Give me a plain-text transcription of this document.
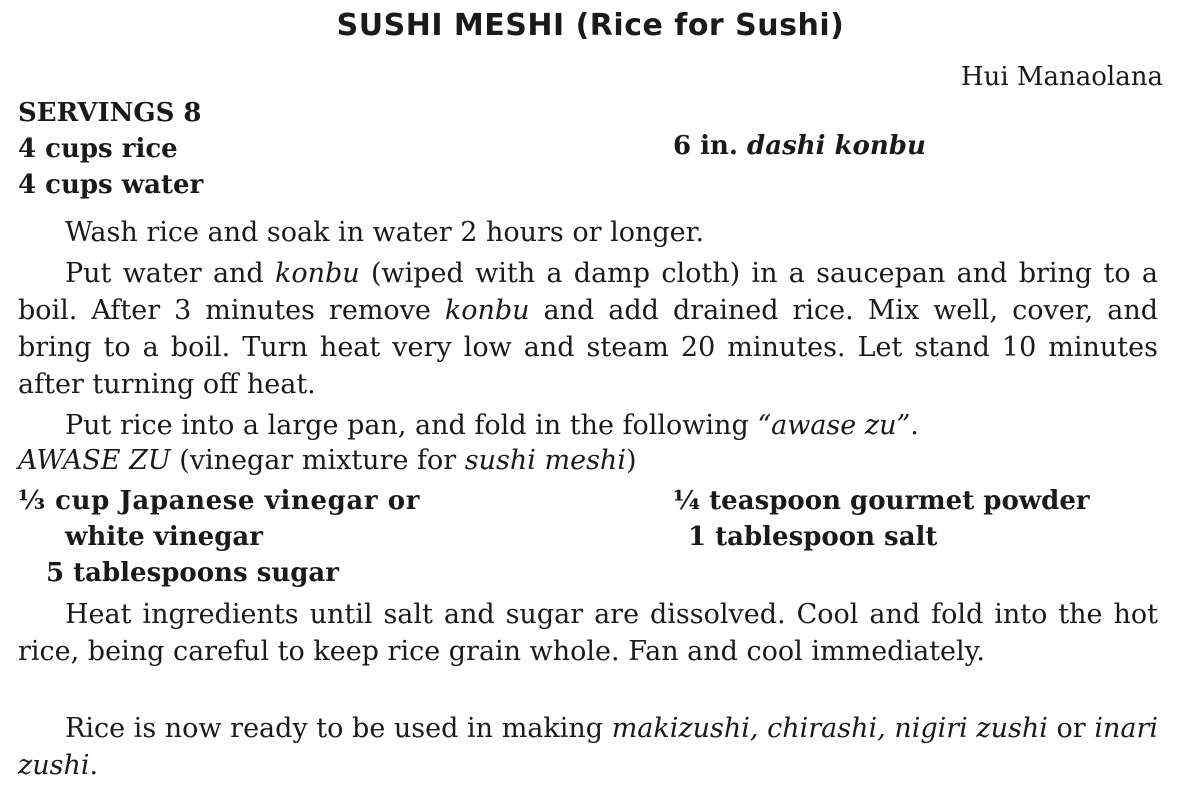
SUSHI MESHI (Rice for Sushi)
Hui Manaolana
SERVINGS 8
4 cups rice
4 cups water
6 in. dashi konbu
Wash rice and soak in water 2 hours or longer.
Put water and konbu (wiped with a damp cloth) in a saucepan and bring to a boil. After 3 minutes remove konbu and add drained rice. Mix well, cover, and bring to a boil. Turn heat very low and steam 20 minutes. Let stand 10 minutes after turning off heat.
Put rice into a large pan, and fold in the following “awase zu”.
AWASE ZU (vinegar mixture for sushi meshi)
⅓ cup Japanese vinegar or
white vinegar
5 tablespoons sugar
¼ teaspoon gourmet powder
1 tablespoon salt
Heat ingredients until salt and sugar are dissolved. Cool and fold into the hot rice, being careful to keep rice grain whole. Fan and cool immediately.
Rice is now ready to be used in making makizushi, chirashi, nigiri zushi or inari zushi.
